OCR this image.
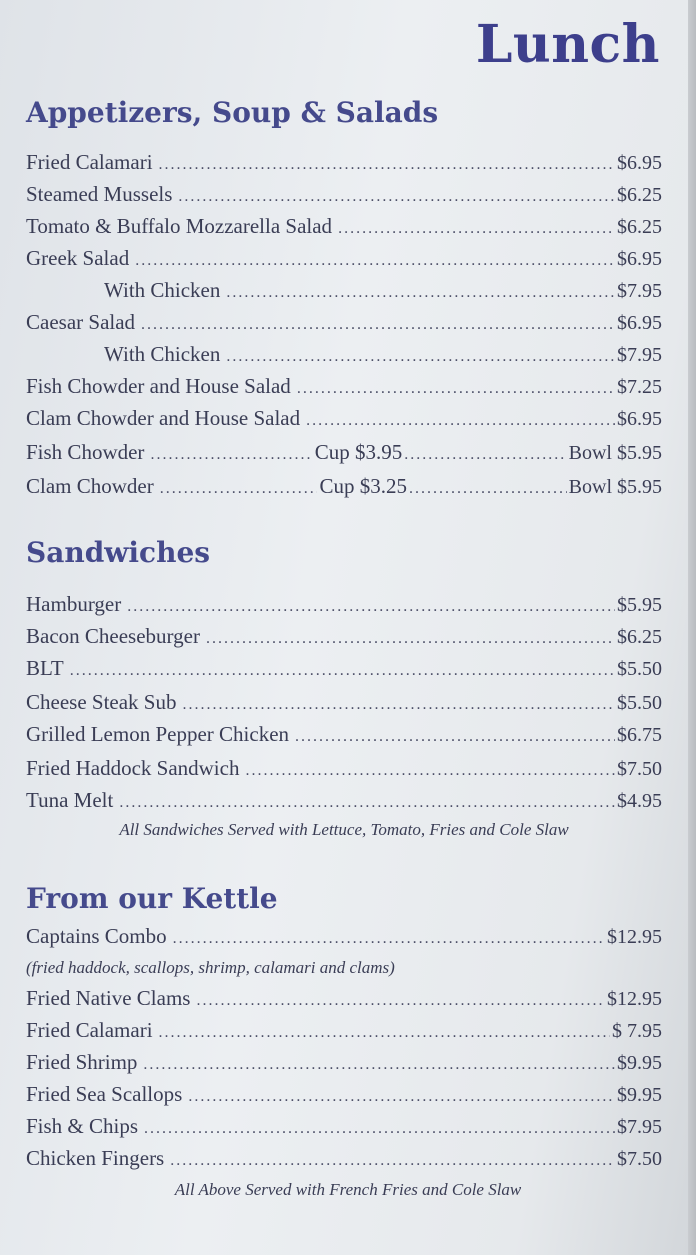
Lunch
Appetizers, Soup & Salads
Fried Calamari . . .	$6.95
Steamed Mussels . . .	$6.25
Tomato & Buffalo Mozzarella Salad . . .	$6.25
Greek Salad . . .	$6.95
With Chicken . . .	$7.95
Caesar Salad . . .	$6.95
With Chicken . . .	$7.95
Fish Chowder and House Salad . . .	$7.25
Clam Chowder and House Salad . . .	$6.95
Fish Chowder . . .	Cup $3.95 . . .	Bowl $5.95
Clam Chowder . . .	Cup $3.25 . . .	Bowl $5.95
Sandwiches
Hamburger . . .	$5.95
Bacon Cheeseburger . . .	$6.25
BLT . . .	$5.50
Cheese Steak Sub . . .	$5.50
Grilled Lemon Pepper Chicken . . .	$6.75
Fried Haddock Sandwich . . .	$7.50
Tuna Melt . . .	$4.95
All Sandwiches Served with Lettuce, Tomato, Fries and Cole Slaw
From our Kettle
Captains Combo . . .	$12.95
(fried haddock, scallops, shrimp, calamari and clams)
Fried Native Clams . . .	$12.95
Fried Calamari . . .	$ 7.95
Fried Shrimp . . .	$9.95
Fried Sea Scallops . . .	$9.95
Fish & Chips . . .	$7.95
Chicken Fingers . . .	$7.50
All Above Served with French Fries and Cole Slaw
